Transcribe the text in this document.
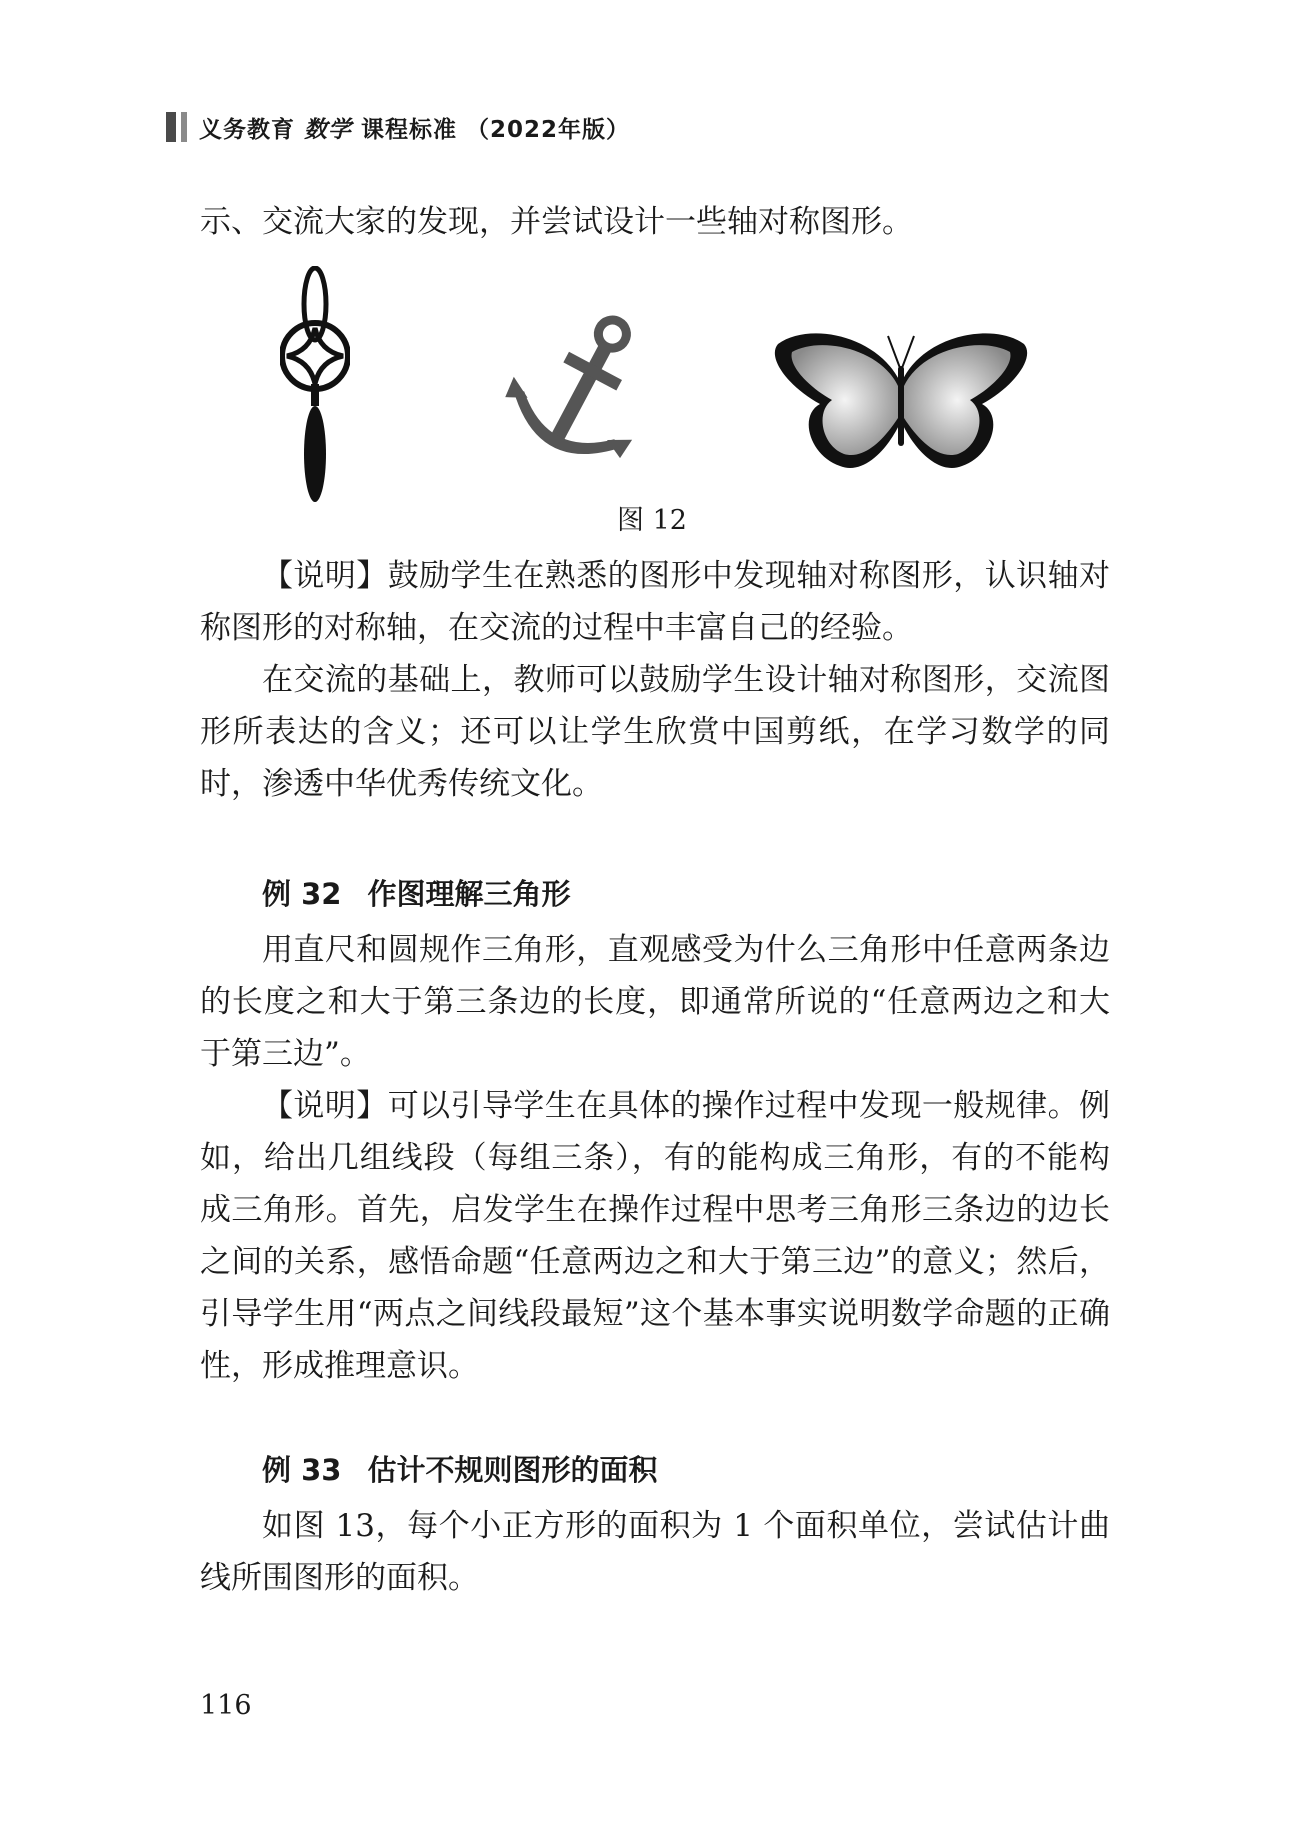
义务教育 数学 课程标准 （2022年版）

示、交流大家的发现，并尝试设计一些轴对称图形。

图 12

【说明】鼓励学生在熟悉的图形中发现轴对称图形，认识轴对称图形的对称轴，在交流的过程中丰富自己的经验。

在交流的基础上，教师可以鼓励学生设计轴对称图形，交流图形所表达的含义；还可以让学生欣赏中国剪纸，在学习数学的同时，渗透中华优秀传统文化。

例 32 作图理解三角形

用直尺和圆规作三角形，直观感受为什么三角形中任意两条边的长度之和大于第三条边的长度，即通常所说的“任意两边之和大于第三边”。

【说明】可以引导学生在具体的操作过程中发现一般规律。例如，给出几组线段（每组三条），有的能构成三角形，有的不能构成三角形。首先，启发学生在操作过程中思考三角形三条边的边长之间的关系，感悟命题“任意两边之和大于第三边”的意义；然后，引导学生用“两点之间线段最短”这个基本事实说明数学命题的正确性，形成推理意识。

例 33 估计不规则图形的面积

如图 13，每个小正方形的面积为 1 个面积单位，尝试估计曲线所围图形的面积。

116
